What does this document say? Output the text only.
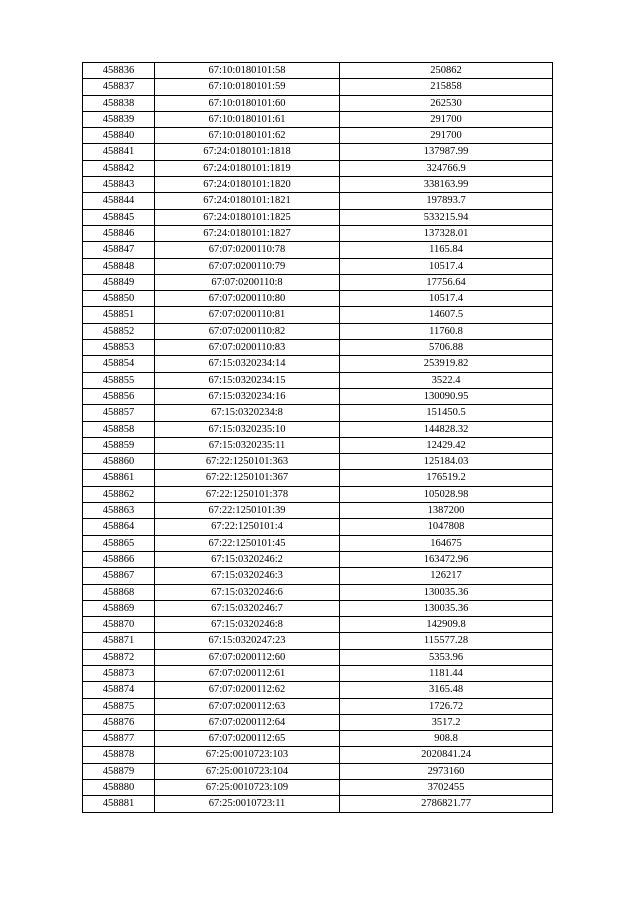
458836	67:10:0180101:58	250862
458837	67:10:0180101:59	215858
458838	67:10:0180101:60	262530
458839	67:10:0180101:61	291700
458840	67:10:0180101:62	291700
458841	67:24:0180101:1818	137987.99
458842	67:24:0180101:1819	324766.9
458843	67:24:0180101:1820	338163.99
458844	67:24:0180101:1821	197893.7
458845	67:24:0180101:1825	533215.94
458846	67:24:0180101:1827	137328.01
458847	67:07:0200110:78	1165.84
458848	67:07:0200110:79	10517.4
458849	67:07:0200110:8	17756.64
458850	67:07:0200110:80	10517.4
458851	67:07:0200110:81	14607.5
458852	67:07:0200110:82	11760.8
458853	67:07:0200110:83	5706.88
458854	67:15:0320234:14	253919.82
458855	67:15:0320234:15	3522.4
458856	67:15:0320234:16	130090.95
458857	67:15:0320234:8	151450.5
458858	67:15:0320235:10	144828.32
458859	67:15:0320235:11	12429.42
458860	67:22:1250101:363	125184.03
458861	67:22:1250101:367	176519.2
458862	67:22:1250101:378	105028.98
458863	67:22:1250101:39	1387200
458864	67:22:1250101:4	1047808
458865	67:22:1250101:45	164675
458866	67:15:0320246:2	163472.96
458867	67:15:0320246:3	126217
458868	67:15:0320246:6	130035.36
458869	67:15:0320246:7	130035.36
458870	67:15:0320246:8	142909.8
458871	67:15:0320247:23	115577.28
458872	67:07:0200112:60	5353.96
458873	67:07:0200112:61	1181.44
458874	67:07:0200112:62	3165.48
458875	67:07:0200112:63	1726.72
458876	67:07:0200112:64	3517.2
458877	67:07:0200112:65	908.8
458878	67:25:0010723:103	2020841.24
458879	67:25:0010723:104	2973160
458880	67:25:0010723:109	3702455
458881	67:25:0010723:11	2786821.77
